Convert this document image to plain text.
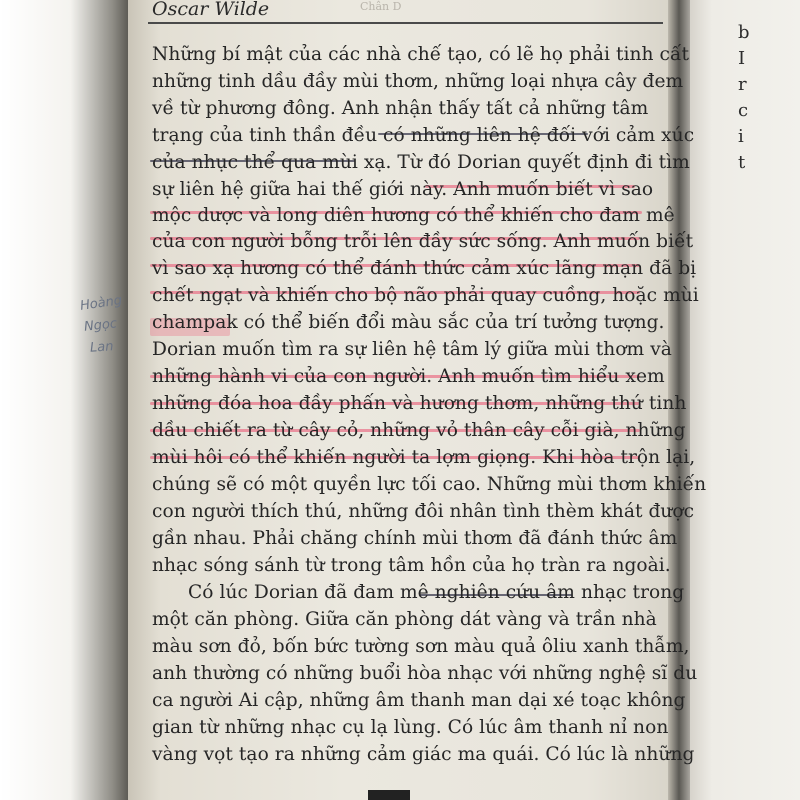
Oscar Wilde	Chân D
Những bí mật của các nhà chế tạo, có lẽ họ phải tinh cất
những tinh dầu đầy mùi thơm, những loại nhựa cây đem
về từ phương đông. Anh nhận thấy tất cả những tâm
trạng của tinh thần đều có những liên hệ đối với cảm xúc
của nhục thể qua mùi xạ. Từ đó Dorian quyết định đi tìm
sự liên hệ giữa hai thế giới này. Anh muốn biết vì sao
mộc dược và long diên hương có thể khiến cho đam mê
của con người bỗng trỗi lên đầy sức sống. Anh muốn biết
vì sao xạ hương có thể đánh thức cảm xúc lãng mạn đã bị
chết ngạt và khiến cho bộ não phải quay cuồng, hoặc mùi
champak có thể biến đổi màu sắc của trí tưởng tượng.
Dorian muốn tìm ra sự liên hệ tâm lý giữa mùi thơm và
những hành vi của con người. Anh muốn tìm hiểu xem
những đóa hoa đầy phấn và hương thơm, những thứ tinh
dầu chiết ra từ cây cỏ, những vỏ thân cây cỗi già, những
mùi hôi có thể khiến người ta lợm giọng. Khi hòa trộn lại,
chúng sẽ có một quyền lực tối cao. Những mùi thơm khiến
con người thích thú, những đôi nhân tình thèm khát được
gần nhau. Phải chăng chính mùi thơm đã đánh thức âm
nhạc sóng sánh từ trong tâm hồn của họ tràn ra ngoài.
Có lúc Dorian đã đam mê nghiên cứu âm nhạc trong
một căn phòng. Giữa căn phòng dát vàng và trần nhà
màu sơn đỏ, bốn bức tường sơn màu quả ôliu xanh thẫm,
anh thường có những buổi hòa nhạc với những nghệ sĩ du
ca người Ai cập, những âm thanh man dại xé toạc không
gian từ những nhạc cụ lạ lùng. Có lúc âm thanh nỉ non
vàng vọt tạo ra những cảm giác ma quái. Có lúc là những
Hoàng
Ngọc
Lan
b
I
r
c
i
t
